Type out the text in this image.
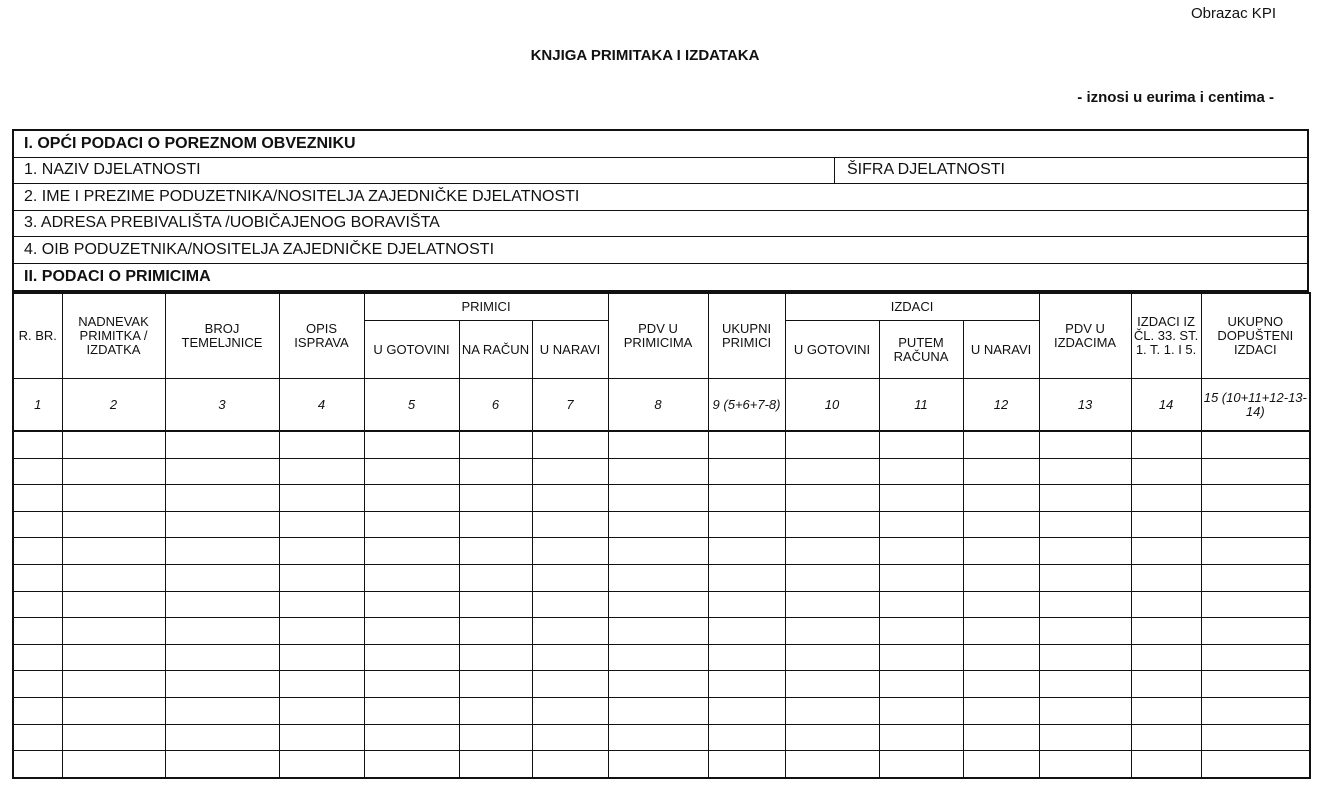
Obrazac KPI
KNJIGA PRIMITAKA I IZDATAKA
- iznosi u eurima i centima -
I. OPĆI PODACI O POREZNOM OBVEZNIKU
1. NAZIV DJELATNOSTI	ŠIFRA DJELATNOSTI
2. IME I PREZIME PODUZETNIKA/NOSITELJA ZAJEDNIČKE DJELATNOSTI
3. ADRESA PREBIVALIŠTA /UOBIČAJENOG BORAVIŠTA
4. OIB PODUZETNIKA/NOSITELJA ZAJEDNIČKE DJELATNOSTI
II. PODACI O PRIMICIMA
R. BR.	NADNEVAK PRIMITKA / IZDATKA	BROJ TEMELJNICE	OPIS ISPRAVA	PRIMICI			PDV U PRIMICIMA	UKUPNI PRIMICI	IZDACI			PDV U IZDACIMA	IZDACI IZ ČL. 33. ST. 1. T. 1. I 5.	UKUPNO DOPUŠTENI IZDACI
				U GOTOVINI	NA RAČUN	U NARAVI			U GOTOVINI	PUTEM RAČUNA	U NARAVI			
1	2	3	4	5	6	7	8	9 (5+6+7-8)	10	11	12	13	14	15 (10+11+12-13-14)
